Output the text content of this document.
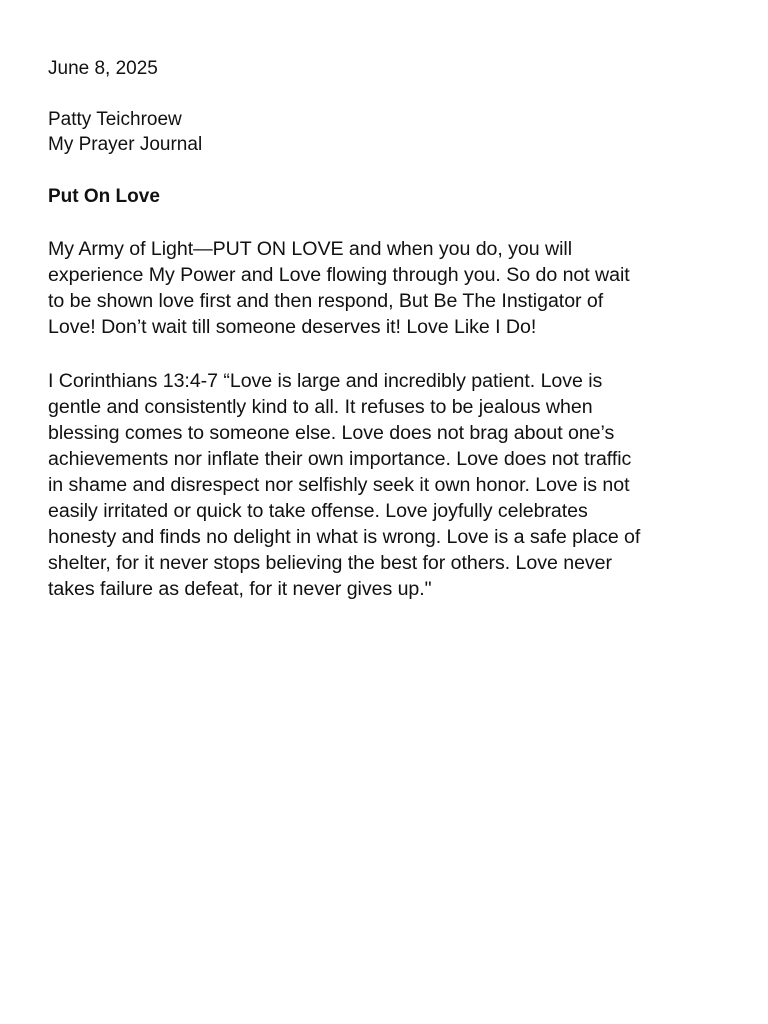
June 8, 2025

Patty Teichroew

My Prayer Journal

Put On Love

My Army of Light—PUT ON LOVE and when you do, you will
experience My Power and Love flowing through you. So do not wait
to be shown love first and then respond, But Be The Instigator of
Love! Don’t wait till someone deserves it! Love Like I Do!
I Corinthians 13:4-7 “Love is large and incredibly patient. Love is
gentle and consistently kind to all. It refuses to be jealous when
blessing comes to someone else. Love does not brag about one’s
achievements nor inflate their own importance. Love does not traffic
in shame and disrespect nor selfishly seek it own honor. Love is not
easily irritated or quick to take offense. Love joyfully celebrates
honesty and finds no delight in what is wrong. Love is a safe place of
shelter, for it never stops believing the best for others. Love never
takes failure as defeat, for it never gives up."
